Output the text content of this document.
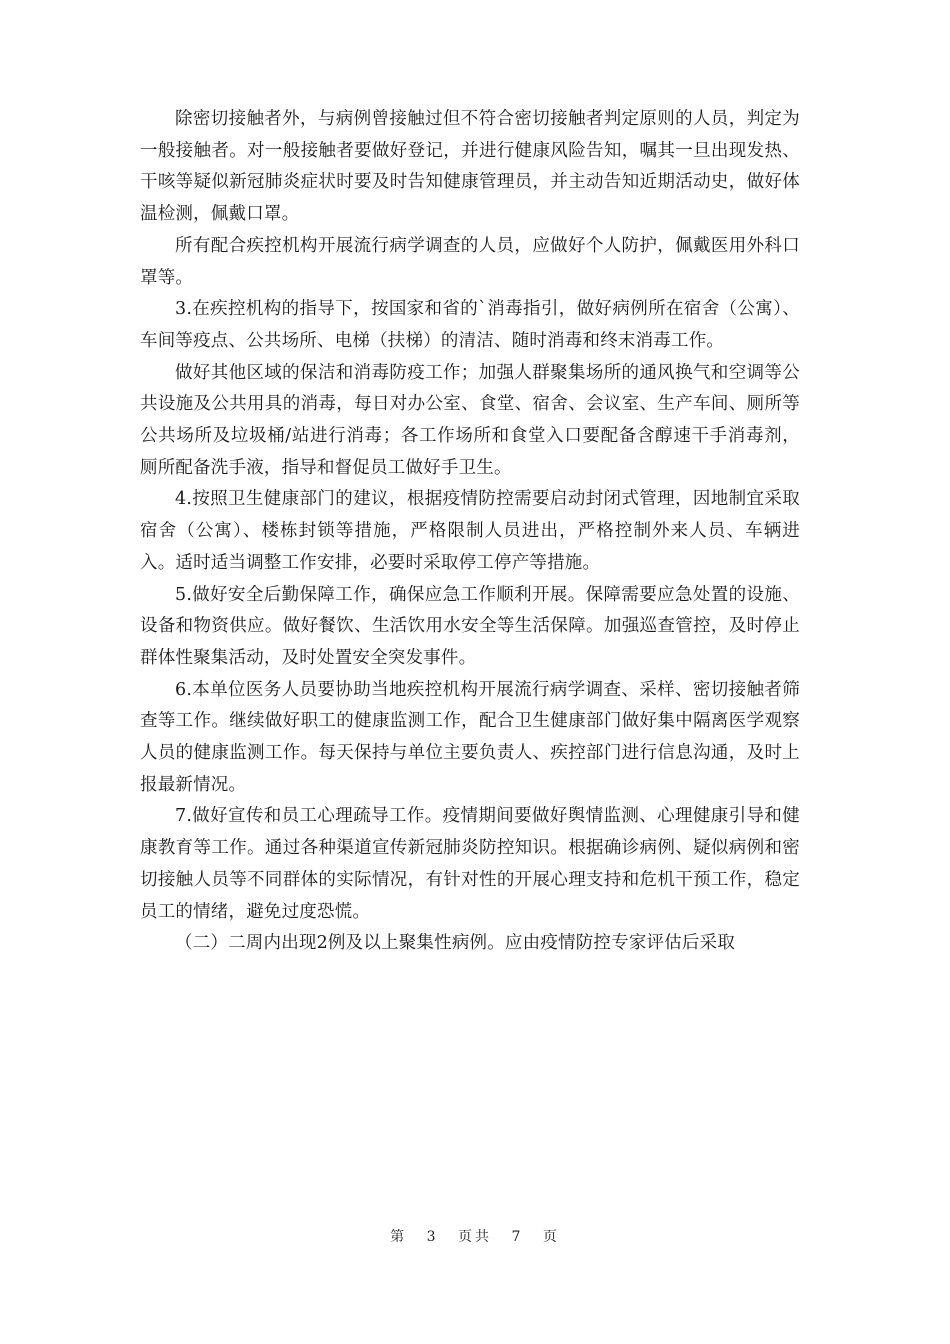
除密切接触者外，与病例曾接触过但不符合密切接触者判定原则的人员，判定为一般接触者。对一般接触者要做好登记，并进行健康风险告知，嘱其一旦出现发热、干咳等疑似新冠肺炎症状时要及时告知健康管理员，并主动告知近期活动史，做好体温检测，佩戴口罩。

所有配合疾控机构开展流行病学调查的人员，应做好个人防护，佩戴医用外科口罩等。

3.在疾控机构的指导下，按国家和省的`消毒指引，做好病例所在宿舍（公寓）、车间等疫点、公共场所、电梯（扶梯）的清洁、随时消毒和终末消毒工作。

做好其他区域的保洁和消毒防疫工作；加强人群聚集场所的通风换气和空调等公共设施及公共用具的消毒，每日对办公室、食堂、宿舍、会议室、生产车间、厕所等公共场所及垃圾桶/站进行消毒；各工作场所和食堂入口要配备含醇速干手消毒剂，厕所配备洗手液，指导和督促员工做好手卫生。

4.按照卫生健康部门的建议，根据疫情防控需要启动封闭式管理，因地制宜采取宿舍（公寓）、楼栋封锁等措施，严格限制人员进出，严格控制外来人员、车辆进入。适时适当调整工作安排，必要时采取停工停产等措施。

5.做好安全后勤保障工作，确保应急工作顺利开展。保障需要应急处置的设施、设备和物资供应。做好餐饮、生活饮用水安全等生活保障。加强巡查管控，及时停止群体性聚集活动，及时处置安全突发事件。

6.本单位医务人员要协助当地疾控机构开展流行病学调查、采样、密切接触者筛查等工作。继续做好职工的健康监测工作，配合卫生健康部门做好集中隔离医学观察人员的健康监测工作。每天保持与单位主要负责人、疾控部门进行信息沟通，及时上报最新情况。

7.做好宣传和员工心理疏导工作。疫情期间要做好舆情监测、心理健康引导和健康教育等工作。通过各种渠道宣传新冠肺炎防控知识。根据确诊病例、疑似病例和密切接触人员等不同群体的实际情况，有针对性的开展心理支持和危机干预工作，稳定员工的情绪，避免过度恐慌。

（二）二周内出现2例及以上聚集性病例。应由疫情防控专家评估后采取

第 3 页共 7 页
